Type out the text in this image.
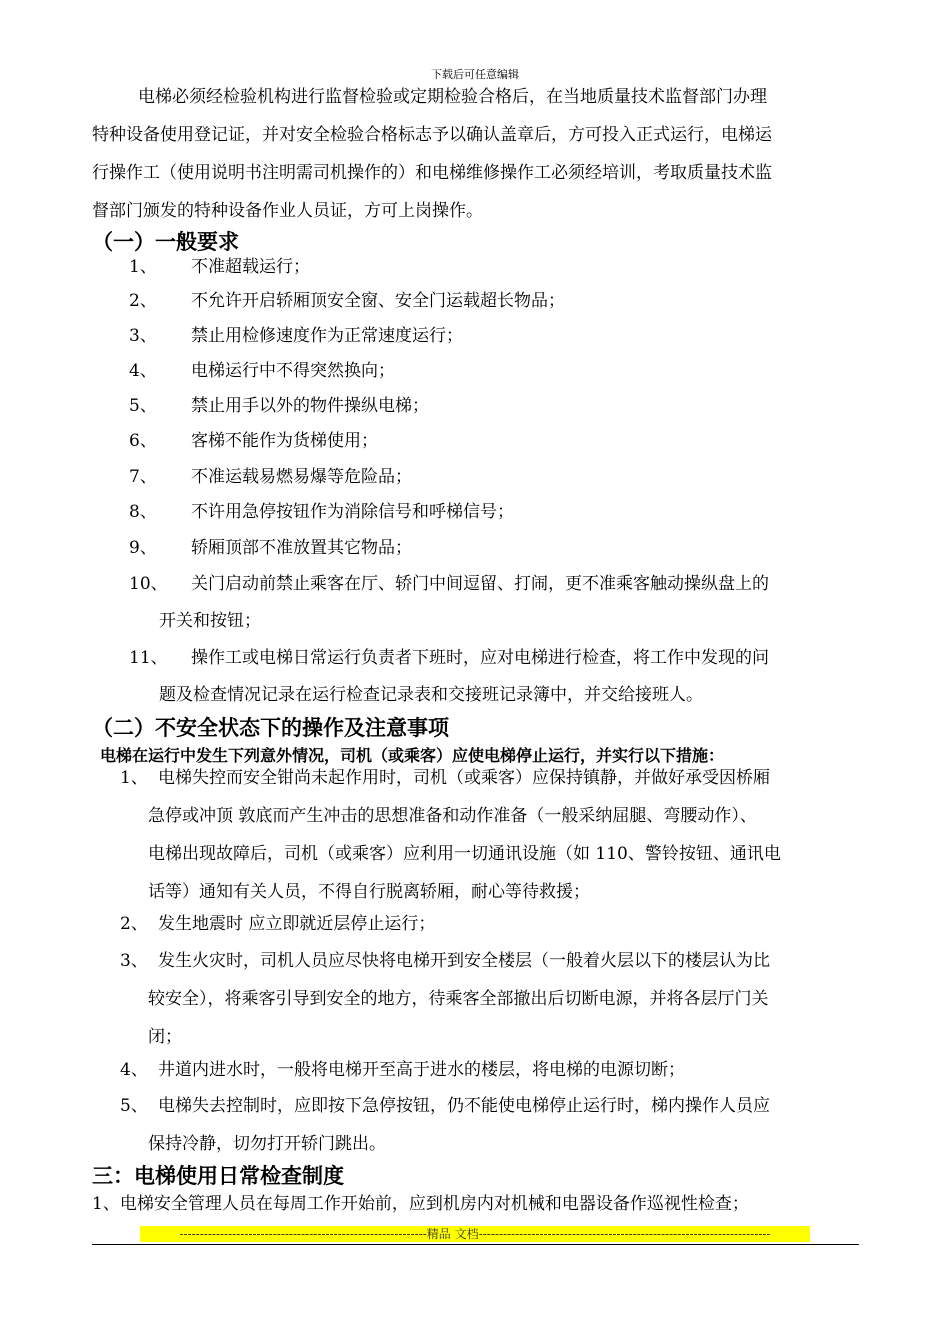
下载后可任意编辑
电梯必须经检验机构进行监督检验或定期检验合格后，在当地质量技术监督部门办理
特种设备使用登记证，并对安全检验合格标志予以确认盖章后，方可投入正式运行，电梯运
行操作工（使用说明书注明需司机操作的）和电梯维修操作工必须经培训，考取质量技术监
督部门颁发的特种设备作业人员证，方可上岗操作。
（一）一般要求
1、 不准超载运行；
2、 不允许开启轿厢顶安全窗、安全门运载超长物品；
3、 禁止用检修速度作为正常速度运行；
4、 电梯运行中不得突然换向；
5、 禁止用手以外的物件操纵电梯；
6、 客梯不能作为货梯使用；
7、 不准运载易燃易爆等危险品；
8、 不许用急停按钮作为消除信号和呼梯信号；
9、 轿厢顶部不准放置其它物品；
10、 关门启动前禁止乘客在厅、轿门中间逗留、打闹，更不准乘客触动操纵盘上的
开关和按钮；
11、 操作工或电梯日常运行负责者下班时，应对电梯进行检查，将工作中发现的问
题及检查情况记录在运行检查记录表和交接班记录簿中，并交给接班人。
（二）不安全状态下的操作及注意事项
电梯在运行中发生下列意外情况，司机（或乘客）应使电梯停止运行，并实行以下措施：
1、 电梯失控而安全钳尚未起作用时，司机（或乘客）应保持镇静，并做好承受因桥厢
急停或冲顶 敦底而产生冲击的思想准备和动作准备（一般采纳屈腿、弯腰动作）、
电梯出现故障后，司机（或乘客）应利用一切通讯设施（如 110、警铃按钮、通讯电
话等）通知有关人员，不得自行脱离轿厢，耐心等待救援；
2、 发生地震时 应立即就近层停止运行；
3、 发生火灾时，司机人员应尽快将电梯开到安全楼层（一般着火层以下的楼层认为比
较安全），将乘客引导到安全的地方，待乘客全部撤出后切断电源，并将各层厅门关
闭；
4、 井道内进水时，一般将电梯开至高于进水的楼层，将电梯的电源切断；
5、 电梯失去控制时，应即按下急停按钮，仍不能使电梯停止运行时，梯内操作人员应
保持冷静，切勿打开轿门跳出。
三：电梯使用日常检查制度
1、电梯安全管理人员在每周工作开始前，应到机房内对机械和电器设备作巡视性检查；
-------------------------------------------------------------精品 文档------------------------------------------------------------------------
